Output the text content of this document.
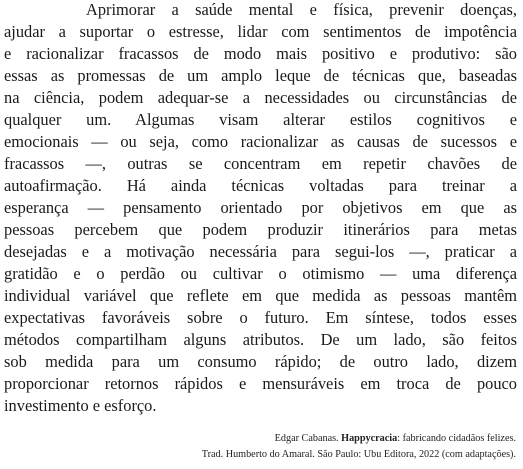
Aprimorar a saúde mental e física, prevenir doenças,
ajudar a suportar o estresse, lidar com sentimentos de impotência
e racionalizar fracassos de modo mais positivo e produtivo: são
essas as promessas de um amplo leque de técnicas que, baseadas
na ciência, podem adequar-se a necessidades ou circunstâncias de
qualquer um. Algumas visam alterar estilos cognitivos e
emocionais — ou seja, como racionalizar as causas de sucessos e
fracassos —, outras se concentram em repetir chavões de
autoafirmação. Há ainda técnicas voltadas para treinar a
esperança — pensamento orientado por objetivos em que as
pessoas percebem que podem produzir itinerários para metas
desejadas e a motivação necessária para segui-los —, praticar a
gratidão e o perdão ou cultivar o otimismo — uma diferença
individual variável que reflete em que medida as pessoas mantêm
expectativas favoráveis sobre o futuro. Em síntese, todos esses
métodos compartilham alguns atributos. De um lado, são feitos
sob medida para um consumo rápido; de outro lado, dizem
proporcionar retornos rápidos e mensuráveis em troca de pouco
investimento e esforço.
Edgar Cabanas. Happycracia: fabricando cidadãos felizes.
Trad. Humberto do Amaral. São Paulo: Ubu Editora, 2022 (com adaptações).
